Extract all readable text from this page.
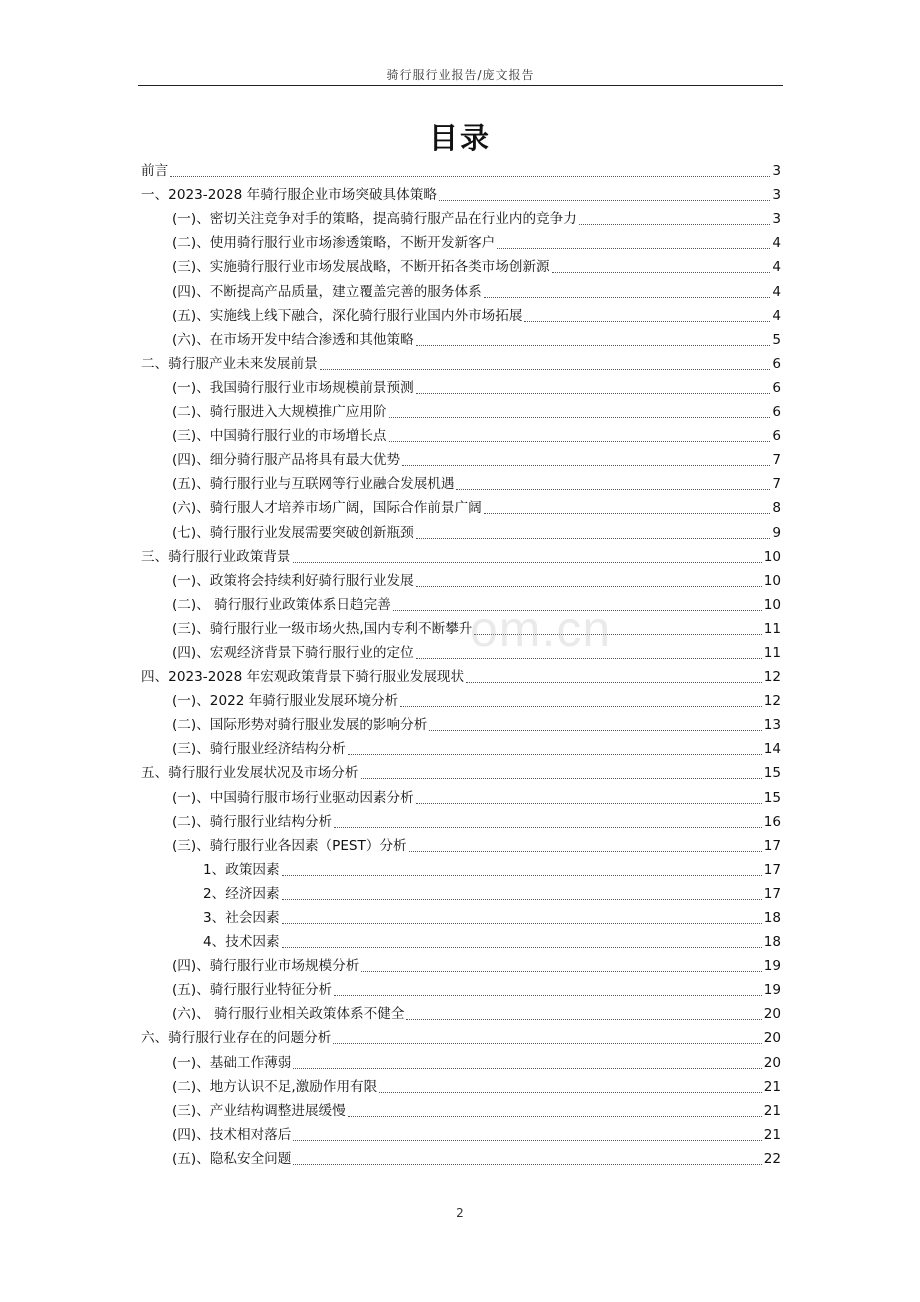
骑行服行业报告/庞文报告
目录
前言	3
一、2023-2028 年骑行服企业市场突破具体策略	3
(一)、密切关注竞争对手的策略，提高骑行服产品在行业内的竞争力	3
(二)、使用骑行服行业市场渗透策略，不断开发新客户	4
(三)、实施骑行服行业市场发展战略，不断开拓各类市场创新源	4
(四)、不断提高产品质量，建立覆盖完善的服务体系	4
(五)、实施线上线下融合，深化骑行服行业国内外市场拓展	4
(六)、在市场开发中结合渗透和其他策略	5
二、骑行服产业未来发展前景	6
(一)、我国骑行服行业市场规模前景预测	6
(二)、骑行服进入大规模推广应用阶	6
(三)、中国骑行服行业的市场增长点	6
(四)、细分骑行服产品将具有最大优势	7
(五)、骑行服行业与互联网等行业融合发展机遇	7
(六)、骑行服人才培养市场广阔，国际合作前景广阔	8
(七)、骑行服行业发展需要突破创新瓶颈	9
三、骑行服行业政策背景	10
(一)、政策将会持续利好骑行服行业发展	10
(二)、 骑行服行业政策体系日趋完善	10
(三)、骑行服行业一级市场火热,国内专利不断攀升	11
(四)、宏观经济背景下骑行服行业的定位	11
四、2023-2028 年宏观政策背景下骑行服业发展现状	12
(一)、2022 年骑行服业发展环境分析	12
(二)、国际形势对骑行服业发展的影响分析	13
(三)、骑行服业经济结构分析	14
五、骑行服行业发展状况及市场分析	15
(一)、中国骑行服市场行业驱动因素分析	15
(二)、骑行服行业结构分析	16
(三)、骑行服行业各因素（PEST）分析	17
1、政策因素	17
2、经济因素	17
3、社会因素	18
4、技术因素	18
(四)、骑行服行业市场规模分析	19
(五)、骑行服行业特征分析	19
(六)、 骑行服行业相关政策体系不健全	20
六、骑行服行业存在的问题分析	20
(一)、基础工作薄弱	20
(二)、地方认识不足,激励作用有限	21
(三)、产业结构调整进展缓慢	21
(四)、技术相对落后	21
(五)、隐私安全问题	22
om.cn
2
